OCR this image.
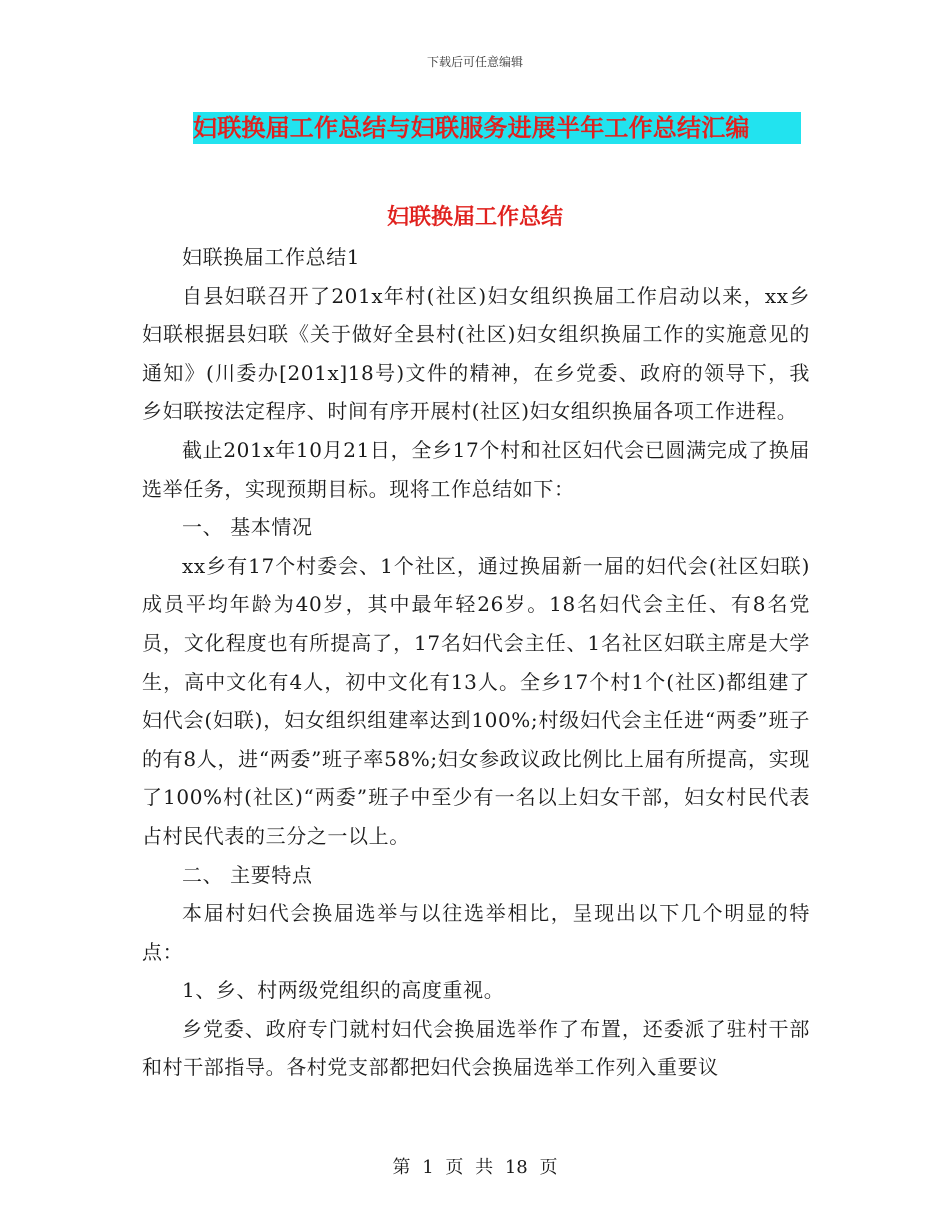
下载后可任意编辑
妇联换届工作总结与妇联服务进展半年工作总结汇编
妇联换届工作总结

妇联换届工作总结1

自县妇联召开了201x年村(社区)妇女组织换届工作启动以来，xx乡妇联根据县妇联《关于做好全县村(社区)妇女组织换届工作的实施意见的通知》(川委办[201x]18号)文件的精神，在乡党委、政府的领导下，我乡妇联按法定程序、时间有序开展村(社区)妇女组织换届各项工作进程。

截止201x年10月21日，全乡17个村和社区妇代会已圆满完成了换届选举任务，实现预期目标。现将工作总结如下：

一、 基本情况

xx乡有17个村委会、1个社区，通过换届新一届的妇代会(社区妇联)成员平均年龄为40岁，其中最年轻26岁。18名妇代会主任、有8名党员，文化程度也有所提高了，17名妇代会主任、1名社区妇联主席是大学生，高中文化有4人，初中文化有13人。全乡17个村1个(社区)都组建了妇代会(妇联)，妇女组织组建率达到100%;村级妇代会主任进“两委”班子的有8人，进“两委”班子率58%;妇女参政议政比例比上届有所提高，实现了100%村(社区)“两委”班子中至少有一名以上妇女干部，妇女村民代表占村民代表的三分之一以上。

二、 主要特点

本届村妇代会换届选举与以往选举相比，呈现出以下几个明显的特点：

1、乡、村两级党组织的高度重视。

乡党委、政府专门就村妇代会换届选举作了布置，还委派了驻村干部和村干部指导。各村党支部都把妇代会换届选举工作列入重要议

第 1 页 共 18 页
